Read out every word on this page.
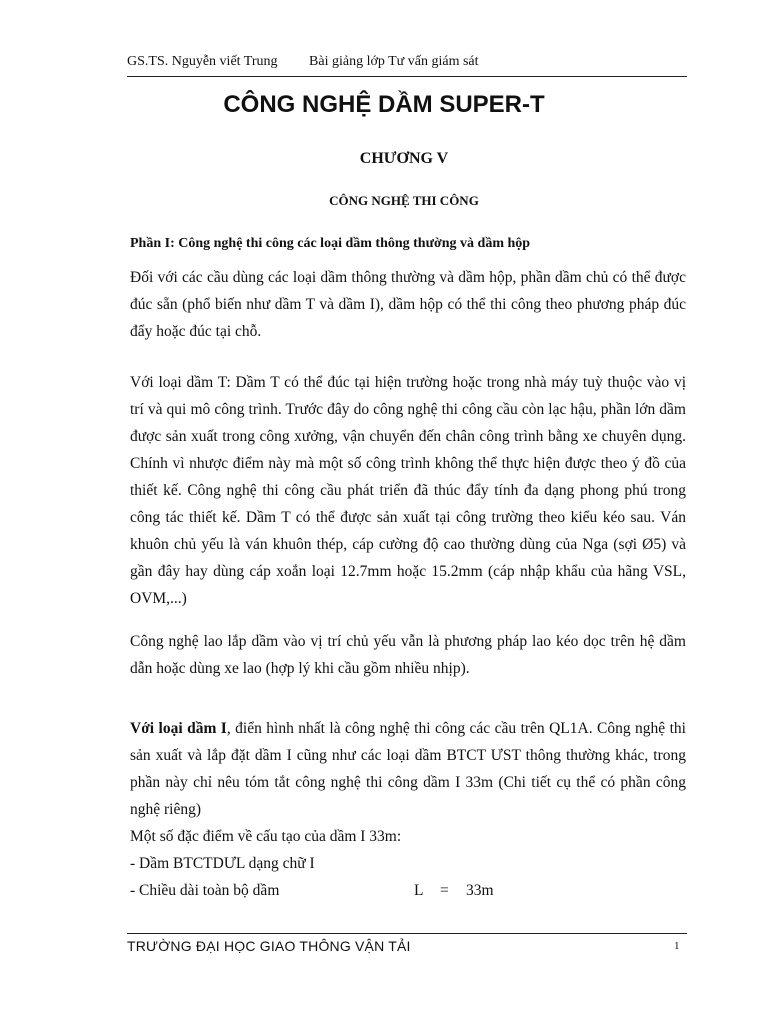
GS.TS. Nguyễn viết Trung Bài giảng lớp Tư vấn giám sát
CÔNG NGHỆ DẦM SUPER-T
CHƯƠNG V
CÔNG NGHỆ THI CÔNG
Phần I: Công nghệ thi công các loại dầm thông thường và dầm hộp

Đối với các cầu dùng các loại dầm thông thường và dầm hộp, phần dầm chủ có thể được đúc sẵn (phổ biến như dầm T và dầm I), dầm hộp có thể thi công theo phương pháp đúc đẩy hoặc đúc tại chỗ.

Với loại dầm T: Dầm T có thể đúc tại hiện trường hoặc trong nhà máy tuỳ thuộc vào vị trí và qui mô công trình. Trước đây do công nghệ thi công cầu còn lạc hậu, phần lớn dầm được sản xuất trong công xưởng, vận chuyển đến chân công trình bằng xe chuyên dụng. Chính vì nhược điểm này mà một số công trình không thể thực hiện được theo ý đồ của thiết kế. Công nghệ thi công cầu phát triển đã thúc đẩy tính đa dạng phong phú trong công tác thiết kế. Dầm T có thể được sản xuất tại công trường theo kiểu kéo sau. Ván khuôn chủ yếu là ván khuôn thép, cáp cường độ cao thường dùng của Nga (sợi Ø5) và gần đây hay dùng cáp xoắn loại 12.7mm hoặc 15.2mm (cáp nhập khẩu của hãng VSL, OVM,...)

Công nghệ lao lắp dầm vào vị trí chủ yếu vẫn là phương pháp lao kéo dọc trên hệ dầm dẫn hoặc dùng xe lao (hợp lý khi cầu gồm nhiều nhịp).

Với loại dầm I, điển hình nhất là công nghệ thi công các cầu trên QL1A. Công nghệ thi sản xuất và lắp đặt dầm I cũng như các loại dầm BTCT ƯST thông thường khác, trong phần này chỉ nêu tóm tắt công nghệ thi công dầm I 33m (Chi tiết cụ thể có phần công nghệ riêng)

Một số đặc điểm về cấu tạo của dầm I 33m:

- Dầm BTCTDƯL dạng chữ I

- Chiều dài toàn bộ dầm	L	=	33m
TRƯỜNG ĐẠI HỌC GIAO THÔNG VẬN TẢI	1
